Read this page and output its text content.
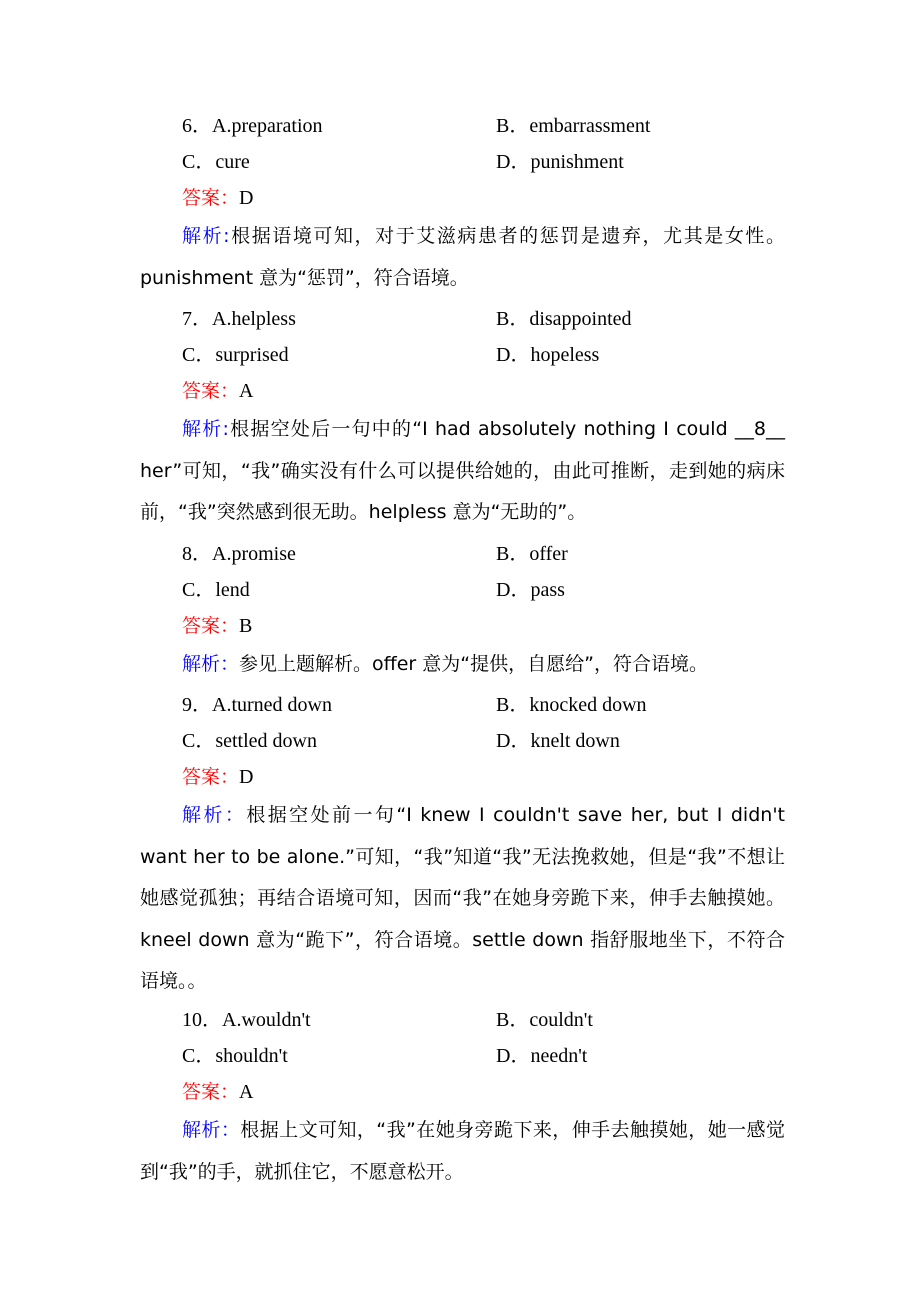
6．A.preparation	B．embarrassment
C．cure	D．punishment
答案：D
解析:根据语境可知，对于艾滋病患者的惩罚是遗弃，尤其是女性。punishment 意为“惩罚”，符合语境。
7．A.helpless	B．disappointed
C．surprised	D．hopeless
答案：A
解析:根据空处后一句中的“I had absolutely nothing I could __8__ her”可知，“我”确实没有什么可以提供给她的，由此可推断，走到她的病床前，“我”突然感到很无助。helpless 意为“无助的”。
8．A.promise	B．offer
C．lend	D．pass
答案：B
解析：参见上题解析。offer 意为“提供，自愿给”，符合语境。
9．A.turned down	B．knocked down
C．settled down	D．knelt down
答案：D
解析：根据空处前一句“I knew I couldn't save her, but I didn't want her to be alone.”可知，“我”知道“我”无法挽救她，但是“我”不想让她感觉孤独；再结合语境可知，因而“我”在她身旁跪下来，伸手去触摸她。kneel down 意为“跪下”，符合语境。settle down 指舒服地坐下，不符合语境。。
10．A.wouldn't	B．couldn't
C．shouldn't	D．needn't
答案：A
解析：根据上文可知，“我”在她身旁跪下来，伸手去触摸她，她一感觉到“我”的手，就抓住它，不愿意松开。
